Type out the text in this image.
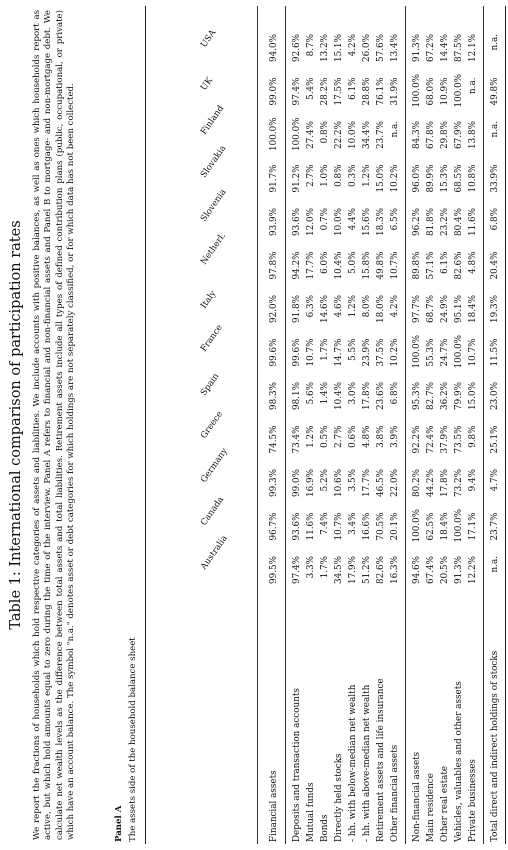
Table 1: International comparison of participation rates We report the fractions of households which hold respective categories of assets and liabilities. We include accounts with positive balances, as well as ones which households report as active, but which hold amounts equal to zero during the time of the interview. Panel A refers to financial and non-financial assets and Panel B to mortgage- and non-mortgage debt. We calculate net wealth levels as the difference between total assets and total liabilities. Retirement assets include all types of defined contribution plans (public, occupational, or private) which have an account balance. The symbol "n.a." denotes asset or debt categories for which holdings are not separately classified, or for which data has not been collected.	Panel A The assets side of the household balance sheet
Australia
Canada
Germany
Greece
Spain
France
Italy
Netherl.
Slovenia
Slovakia
Finland
UK
USA
Financial assets
99.5%
96.7%
99.3%
74.5%
98.3%
99.6%
92.0%
97.8%
93.9%
91.7%
100.0%
99.0%
94.0%
Deposits and transaction accounts
97.4%
93.6%
99.0%
73.4%
98.1%
99.6%
91.8%
94.2%
93.6%
91.2%
100.0%
97.4%
92.6%
Mutual funds
3.3%
11.6%
16.9%
1.2%
5.6%
10.7%
6.3%
17.7%
12.0%
2.7%
27.4%
5.4%
8.7%
Bonds
1.7%
7.4%
5.2%
0.5%
1.4%
1.7%
14.6%
6.0%
0.7%
1.0%
0.8%
28.2%
13.2%
Directly held stocks
34.5%
10.7%
10.6%
2.7%
10.4%
14.7%
4.6%
10.4%
10.0%
0.8%
22.2%
17.5%
15.1%
- hh. with below-median net wealth
17.9%
3.4%
3.5%
0.6%
3.0%
5.5%
1.2%
5.0%
4.4%
0.3%
10.0%
6.1%
4.2%
- hh. with above-median net wealth
51.2%
16.6%
17.7%
4.8%
17.8%
23.9%
8.0%
15.8%
15.6%
1.2%
34.4%
28.8%
26.0%
Retirement assets and life insurance
82.6%
70.5%
46.5%
3.8%
23.6%
37.5%
18.0%
49.8%
18.3%
15.0%
23.7%
76.1%
57.6%
Other financial assets
16.3%
20.1%
22.0%
3.9%
6.8%
10.2%
4.2%
10.7%
6.5%
10.2%
n.a.
31.9%
13.4%
Non-financial assets
94.6%
100.0%
80.2%
92.2%
95.3%
100.0%
97.7%
89.8%
96.2%
96.0%
84.3%
100.0%
91.3%
Main residence
67.4%
62.5%
44.2%
72.4%
82.7%
55.3%
68.7%
57.1%
81.8%
89.9%
67.8%
68.0%
67.2%
Other real estate
20.5%
18.4%
17.8%
37.9%
36.2%
24.7%
24.9%
6.1%
23.2%
15.3%
29.8%
10.9%
14.4%
Vehicles, valuables and other assets
91.3%
100.0%
73.2%
73.5%
79.9%
100.0%
95.1%
82.6%
80.4%
68.5%
67.9%
100.0%
87.5%
Private businesses
12.2%
17.1%
9.4%
9.8%
15.0%
10.7%
18.4%
4.8%
11.6%
10.8%
13.8%
n.a.
12.1%
Total direct and indirect holdings of stocks
n.a.
23.7%
4.7%
25.1%
23.0%
11.5%
19.3%
20.4%
6.8%
33.9%
n.a.
49.8%
n.a.
